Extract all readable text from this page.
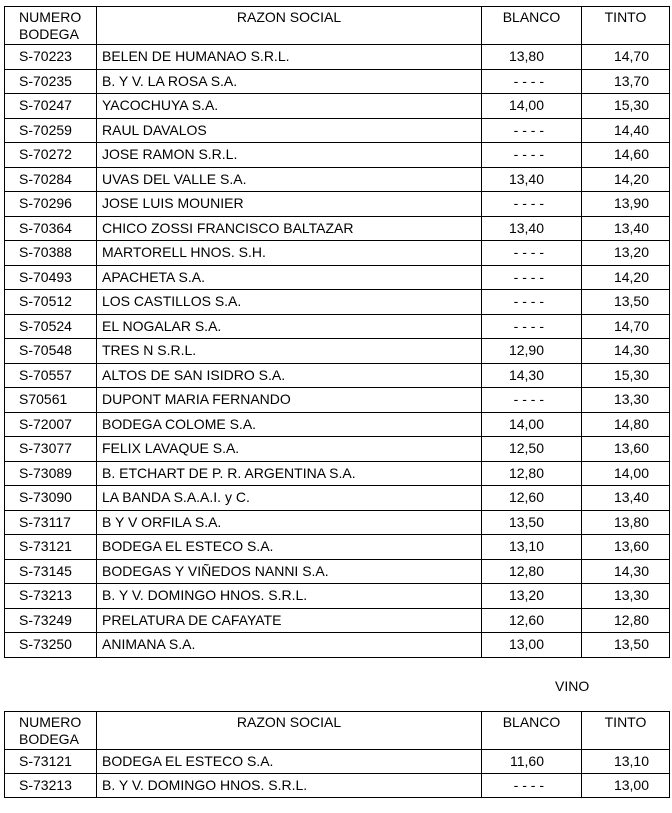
NUMERO
BODEGA	RAZON SOCIAL	BLANCO	TINTO
S-70223	BELEN DE HUMANAO S.R.L.	13,80	14,70
S-70235	B. Y V. LA ROSA S.A.	- - - -	13,70
S-70247	YACOCHUYA S.A.	14,00	15,30
S-70259	RAUL DAVALOS	- - - -	14,40
S-70272	JOSE RAMON S.R.L.	- - - -	14,60
S-70284	UVAS DEL VALLE S.A.	13,40	14,20
S-70296	JOSE LUIS MOUNIER	- - - -	13,90
S-70364	CHICO ZOSSI FRANCISCO BALTAZAR	13,40	13,40
S-70388	MARTORELL HNOS. S.H.	- - - -	13,20
S-70493	APACHETA S.A.	- - - -	14,20
S-70512	LOS CASTILLOS S.A.	- - - -	13,50
S-70524	EL NOGALAR S.A.	- - - -	14,70
S-70548	TRES N S.R.L.	12,90	14,30
S-70557	ALTOS DE SAN ISIDRO S.A.	14,30	15,30
S70561	DUPONT MARIA FERNANDO	- - - -	13,30
S-72007	BODEGA COLOME S.A.	14,00	14,80
S-73077	FELIX LAVAQUE S.A.	12,50	13,60
S-73089	B. ETCHART DE P. R. ARGENTINA S.A.	12,80	14,00
S-73090	LA BANDA S.A.A.I. y C.	12,60	13,40
S-73117	B Y V ORFILA S.A.	13,50	13,80
S-73121	BODEGA EL ESTECO S.A.	13,10	13,60
S-73145	BODEGAS Y VIÑEDOS NANNI S.A.	12,80	14,30
S-73213	B. Y V. DOMINGO HNOS. S.R.L.	13,20	13,30
S-73249	PRELATURA DE CAFAYATE	12,60	12,80
S-73250	ANIMANA S.A.	13,00	13,50
VINO
NUMERO
BODEGA	RAZON SOCIAL	BLANCO	TINTO
S-73121	BODEGA EL ESTECO S.A.	11,60	13,10
S-73213	B. Y V. DOMINGO HNOS. S.R.L.	- - - -	13,00
